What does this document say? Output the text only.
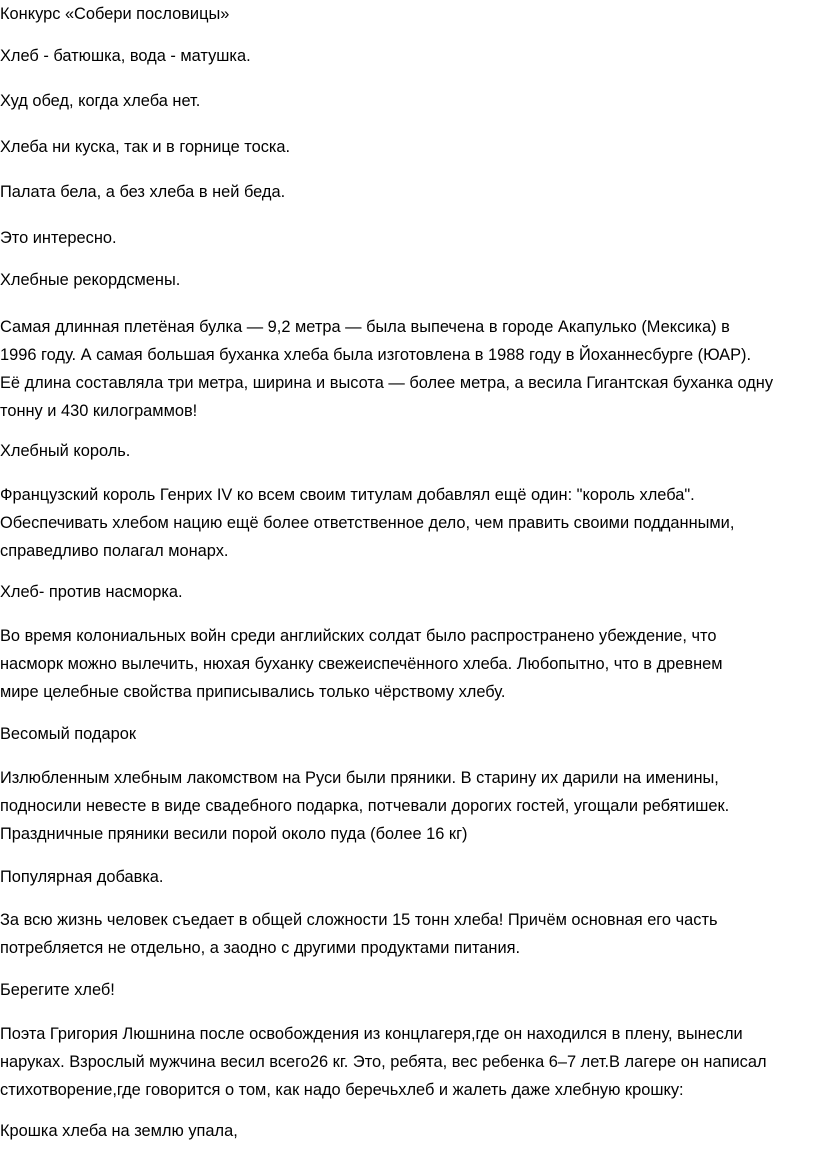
Конкурс «Собери пословицы»

Хлеб - батюшка, вода - матушка.

Худ обед, когда хлеба нет.

Хлеба ни куска, так и в горнице тоска.

Палата бела, а без хлеба в ней беда.

Это интересно.

Хлебные рекордсмены.

Самая длинная плетёная булка — 9,2 метра — была выпечена в городе Акапулько (Мексика) в
1996 году. А самая большая буханка хлеба была изготовлена в 1988 году в Йоханнесбурге (ЮАР).
Её длина составляла три метра, ширина и высота — более метра, а весила Гигантская буханка одну
тонну и 430 килограммов!

Хлебный король.

Французский король Генрих IV ко всем своим титулам добавлял ещё один: "король хлеба".
Обеспечивать хлебом нацию ещё более ответственное дело, чем править своими подданными,
справедливо полагал монарх.

Хлеб- против насморка.

Во время колониальных войн среди английских солдат было распространено убеждение, что
насморк можно вылечить, нюхая буханку свежеиспечённого хлеба. Любопытно, что в древнем
мире целебные свойства приписывались только чёрствому хлебу.

Весомый подарок

Излюбленным хлебным лакомством на Руси были пряники. В старину их дарили на именины,
подносили невесте в виде свадебного подарка, потчевали дорогих гостей, угощали ребятишек.
Праздничные пряники весили порой около пуда (более 16 кг)

Популярная добавка.

За всю жизнь человек съедает в общей сложности 15 тонн хлеба! Причём основная его часть
потребляется не отдельно, а заодно с другими продуктами питания.

Берегите хлеб!

Поэта Григория Люшнина после освобождения из концлагеря,где он находился в плену, вынесли
наруках. Взрослый мужчина весил всего26 кг. Это, ребята, вес ребенка 6–7 лет.В лагере он написал
стихотворение,где говорится о том, как надо беречьхлеб и жалеть даже хлебную крошку:

Крошка хлеба на землю упала,
